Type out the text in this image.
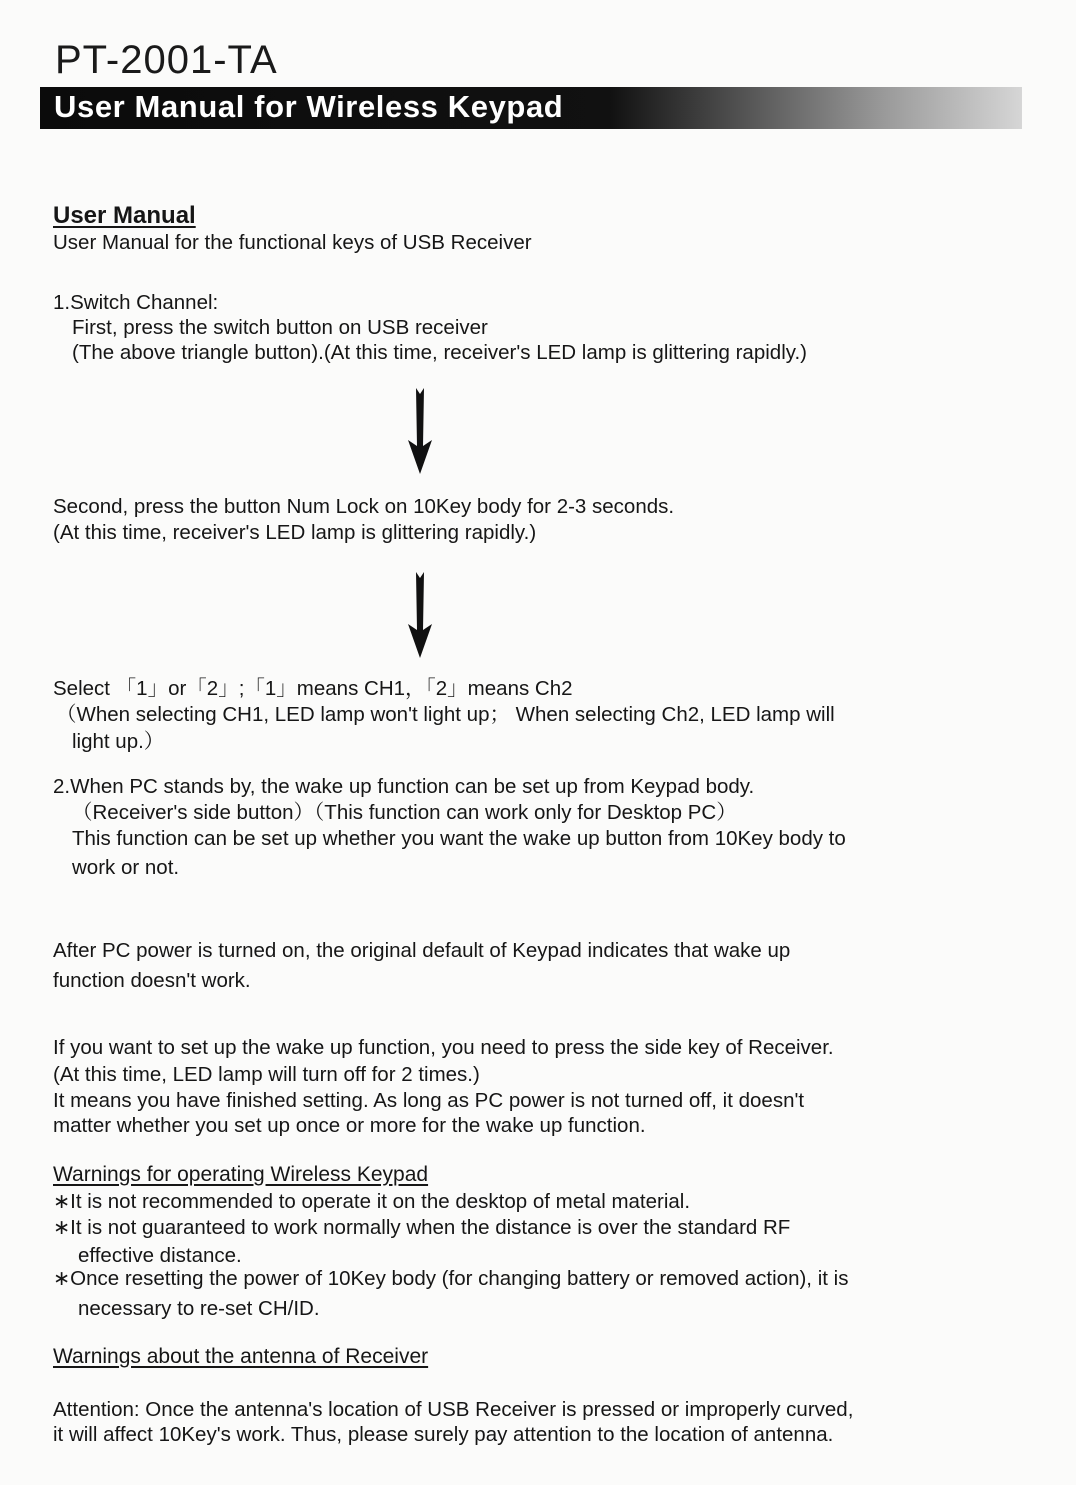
PT-2001-TA
User Manual for Wireless Keypad
User Manual
User Manual for the functional keys of USB Receiver
1.Switch Channel:
First, press the switch button on USB receiver
(The above triangle button).(At this time, receiver's LED lamp is glittering rapidly.)
Second, press the button Num Lock on 10Key body for 2-3 seconds.
(At this time, receiver's LED lamp is glittering rapidly.)
Select 「1」or「2」;「1」means CH1，「2」means Ch2
（When selecting CH1, LED lamp won't light up； When selecting Ch2, LED lamp will
light up.）
2.When PC stands by, the wake up function can be set up from Keypad body.
（Receiver's side button）（This function can work only for Desktop PC）
This function can be set up whether you want the wake up button from 10Key body to
work or not.
After PC power is turned on, the original default of Keypad indicates that wake up
function doesn't work.
If you want to set up the wake up function, you need to press the side key of Receiver.
(At this time, LED lamp will turn off for 2 times.)
It means you have finished setting. As long as PC power is not turned off, it doesn't
matter whether you set up once or more for the wake up function.
Warnings for operating Wireless Keypad
∗It is not recommended to operate it on the desktop of metal material.
∗It is not guaranteed to work normally when the distance is over the standard RF
effective distance.
∗Once resetting the power of 10Key body (for changing battery or removed action), it is
necessary to re-set CH/ID.
Warnings about the antenna of Receiver
Attention: Once the antenna's location of USB Receiver is pressed or improperly curved,
it will affect 10Key's work. Thus, please surely pay attention to the location of antenna.
